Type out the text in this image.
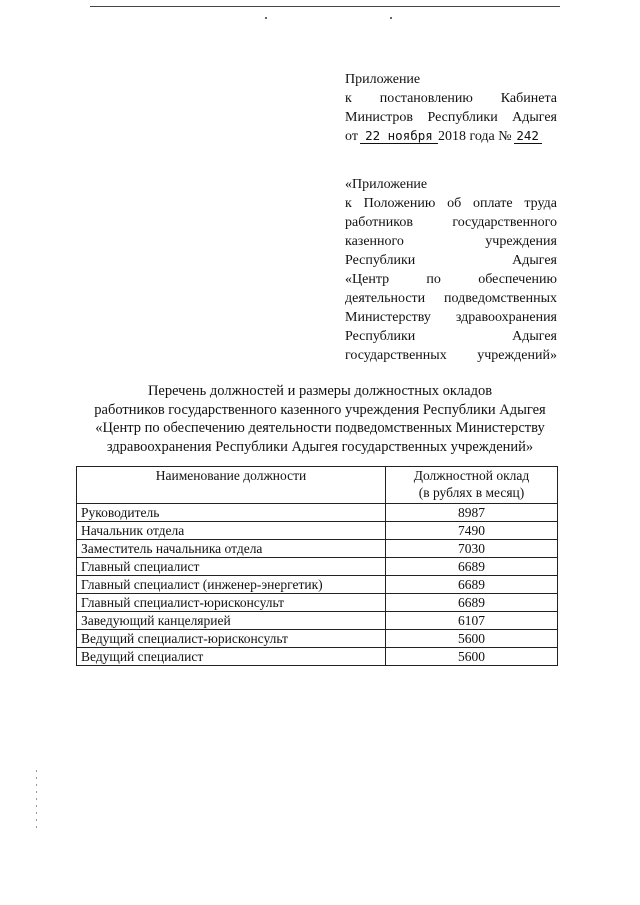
Приложение
к постановлению Кабинета
Министров Республики Адыгея
от 22 ноября 2018 года № 242
«Приложение
к Положению об оплате труда
работников	государственного
казенного	учреждения
Республики	Адыгея
«Центр	по	обеспечению
деятельности подведомственных
Министерству здравоохранения
Республики	Адыгея
государственных учреждений»
Перечень должностей и размеры должностных окладов
работников государственного казенного учреждения Республики Адыгея
«Центр по обеспечению деятельности подведомственных Министерству
здравоохранения Республики Адыгея государственных учреждений»
Наименование должности	Должностной оклад
(в рублях в месяц)

Руководитель	8987
Начальник отдела	7490
Заместитель начальника отдела	7030
Главный специалист	6689
Главный специалист (инженер-энергетик)	6689
Главный специалист-юрисконсульт	6689
Заведующий канцелярией	6107
Ведущий специалист-юрисконсульт	5600
Ведущий специалист	5600
